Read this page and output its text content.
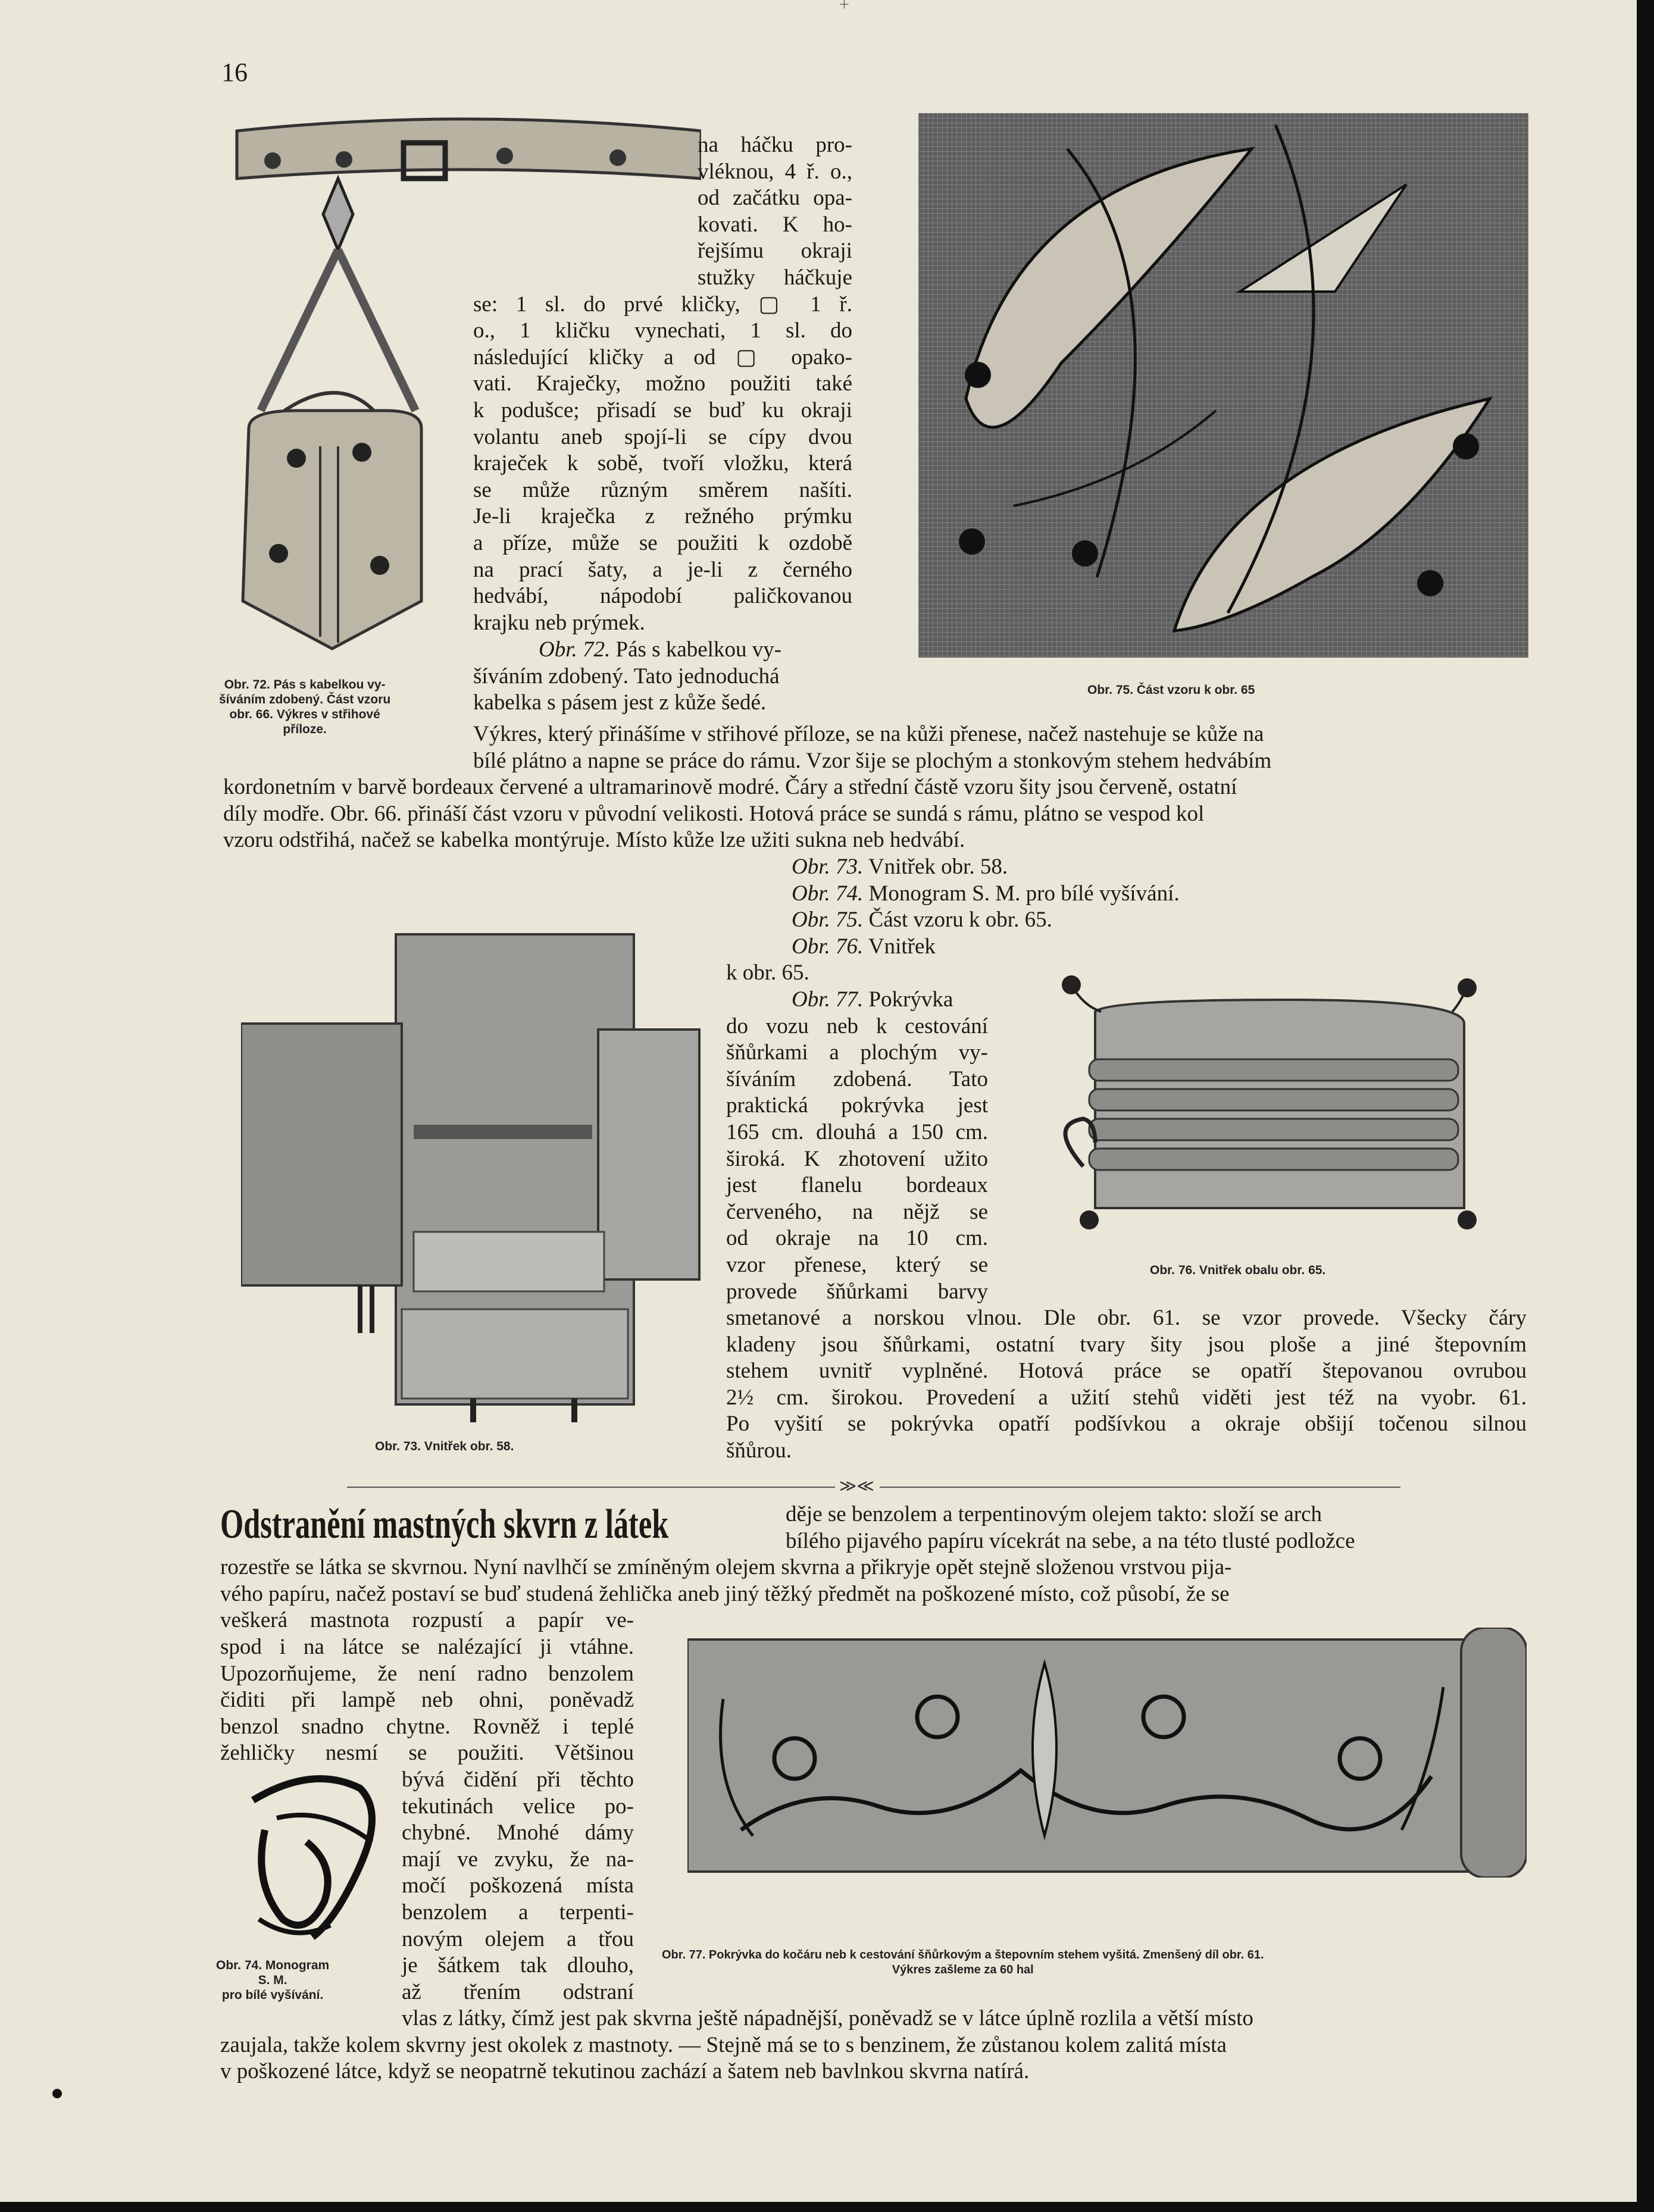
16
+
Obr. 72. Pás s kabelkou vy-
šíváním zdobený. Část vzoru
obr. 66. Výkres v střihové
příloze.
na háčku pro-
vléknou, 4 ř. o.,
od začátku opa-
kovati. K ho-
řejšímu okraji
stužky háčkuje
se: 1 sl. do prvé kličky, ▢ 1 ř.
o., 1 kličku vynechati, 1 sl. do
následující kličky a od ▢ opako-
vati. Kraječky, možno použiti také
k podušce; přisadí se buď ku okraji
volantu aneb spojí-li se cípy dvou
kraječek k sobě, tvoří vložku, která
se může různým směrem našíti.
Je-li kraječka z režného prýmku
a příze, může se použiti k ozdobě
na prací šaty, a je-li z černého
hedvábí, nápodobí paličkovanou
krajku neb prýmek.
Obr. 72. Pás s kabelkou vy-
šíváním zdobený. Tato jednoduchá
kabelka s pásem jest z kůže šedé.
Obr. 75. Část vzoru k obr. 65
Výkres, který přinášíme v střihové příloze, se na kůži přenese, načež nastehuje se kůže na
bílé plátno a napne se práce do rámu. Vzor šije se plochým a stonkovým stehem hedvábím
kordonetním v barvě bordeaux červené a ultramarinově modré. Čáry a střední částě vzoru šity jsou červeně, ostatní
díly modře. Obr. 66. přináší část vzoru v původní velikosti. Hotová práce se sundá s rámu, plátno se vespod kol
vzoru odstřihá, načež se kabelka montýruje. Místo kůže lze užiti sukna neb hedvábí.
Obr. 73. Vnitřek obr. 58.
Obr. 74. Monogram S. M. pro bílé vyšívání.
Obr. 75. Část vzoru k obr. 65.
Obr. 76. Vnitřek
k obr. 65.
Obr. 77. Pokrývka
do vozu neb k cestování
šňůrkami a plochým vy-
šíváním zdobená. Tato
praktická pokrývka jest
165 cm. dlouhá a 150 cm.
široká. K zhotovení užito
jest flanelu bordeaux
červeného, na nějž se
od okraje na 10 cm.
vzor přenese, který se
provede šňůrkami barvy
smetanové a norskou vlnou. Dle obr. 61. se vzor provede. Všecky čáry
kladeny jsou šňůrkami, ostatní tvary šity jsou ploše a jiné štepovním
stehem uvnitř vyplněné. Hotová práce se opatří štepovanou ovrubou
2½ cm. širokou. Provedení a užití stehů viděti jest též na vyobr. 61.
Po vyšití se pokrývka opatří podšívkou a okraje obšijí točenou silnou
šňůrou.
Obr. 73. Vnitřek obr. 58.
Obr. 76. Vnitřek obalu obr. 65.
≫≪
Odstranění mastných skvrn z látek	děje se benzolem a terpentinovým olejem takto: složí se arch
bílého pijavého papíru vícekrát na sebe, a na této tlusté podložce
rozestře se látka se skvrnou. Nyní navlhčí se zmíněným olejem skvrna a přikryje opět stejně složenou vrstvou pija-
vého papíru, načež postaví se buď studená žehlička aneb jiný těžký předmět na poškozené místo, což působí, že se
veškerá mastnota rozpustí a papír ve-
spod i na látce se nalézající ji vtáhne.
Upozorňujeme, že není radno benzolem
čiditi při lampě neb ohni, poněvadž
benzol snadno chytne. Rovněž i teplé
žehličky nesmí se použiti. Většinou
bývá čidění při těchto
tekutinách velice po-
chybné. Mnohé dámy
mají ve zvyku, že na-
močí poškozená místa
benzolem a terpenti-
novým olejem a třou
je šátkem tak dlouho,
až třením odstraní
Obr. 74. Monogram
S. M.
pro bílé vyšívání.
Obr. 77. Pokrývka do kočáru neb k cestování šňůrkovým a štepovním stehem vyšitá. Zmenšený díl obr. 61.
Výkres zašleme za 60 hal
vlas z látky, čímž jest pak skvrna ještě nápadnější, poněvadž se v látce úplně rozlila a větší místo
zaujala, takže kolem skvrny jest okolek z mastnoty. — Stejně má se to s benzinem, že zůstanou kolem zalitá místa
v poškozené látce, když se neopatrně tekutinou zachází a šatem neb bavlnkou skvrna natírá.
